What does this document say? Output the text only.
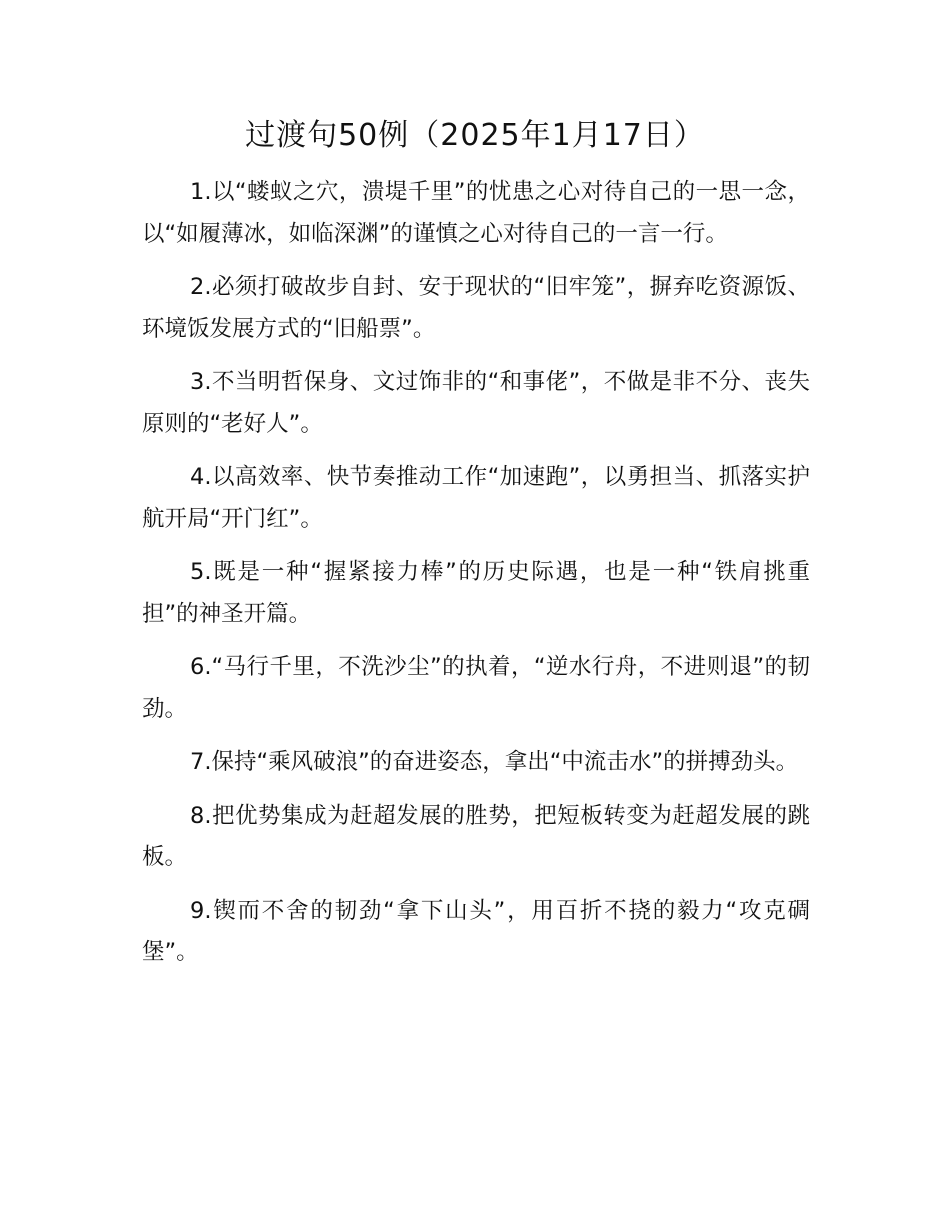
过渡句50例（2025年1月17日）

1.以“蝼蚁之穴，溃堤千里”的忧患之心对待自己的一思一念，以“如履薄冰，如临深渊”的谨慎之心对待自己的一言一行。

2.必须打破故步自封、安于现状的“旧牢笼”，摒弃吃资源饭、环境饭发展方式的“旧船票”。

3.不当明哲保身、文过饰非的“和事佬”，不做是非不分、丧失原则的“老好人”。

4.以高效率、快节奏推动工作“加速跑”，以勇担当、抓落实护航开局“开门红”。

5.既是一种“握紧接力棒”的历史际遇，也是一种“铁肩挑重担”的神圣开篇。

6.“马行千里，不洗沙尘”的执着，“逆水行舟，不进则退”的韧劲。

7.保持“乘风破浪”的奋进姿态，拿出“中流击水”的拼搏劲头。

8.把优势集成为赶超发展的胜势，把短板转变为赶超发展的跳板。

9.锲而不舍的韧劲“拿下山头”，用百折不挠的毅力“攻克碉堡”。
